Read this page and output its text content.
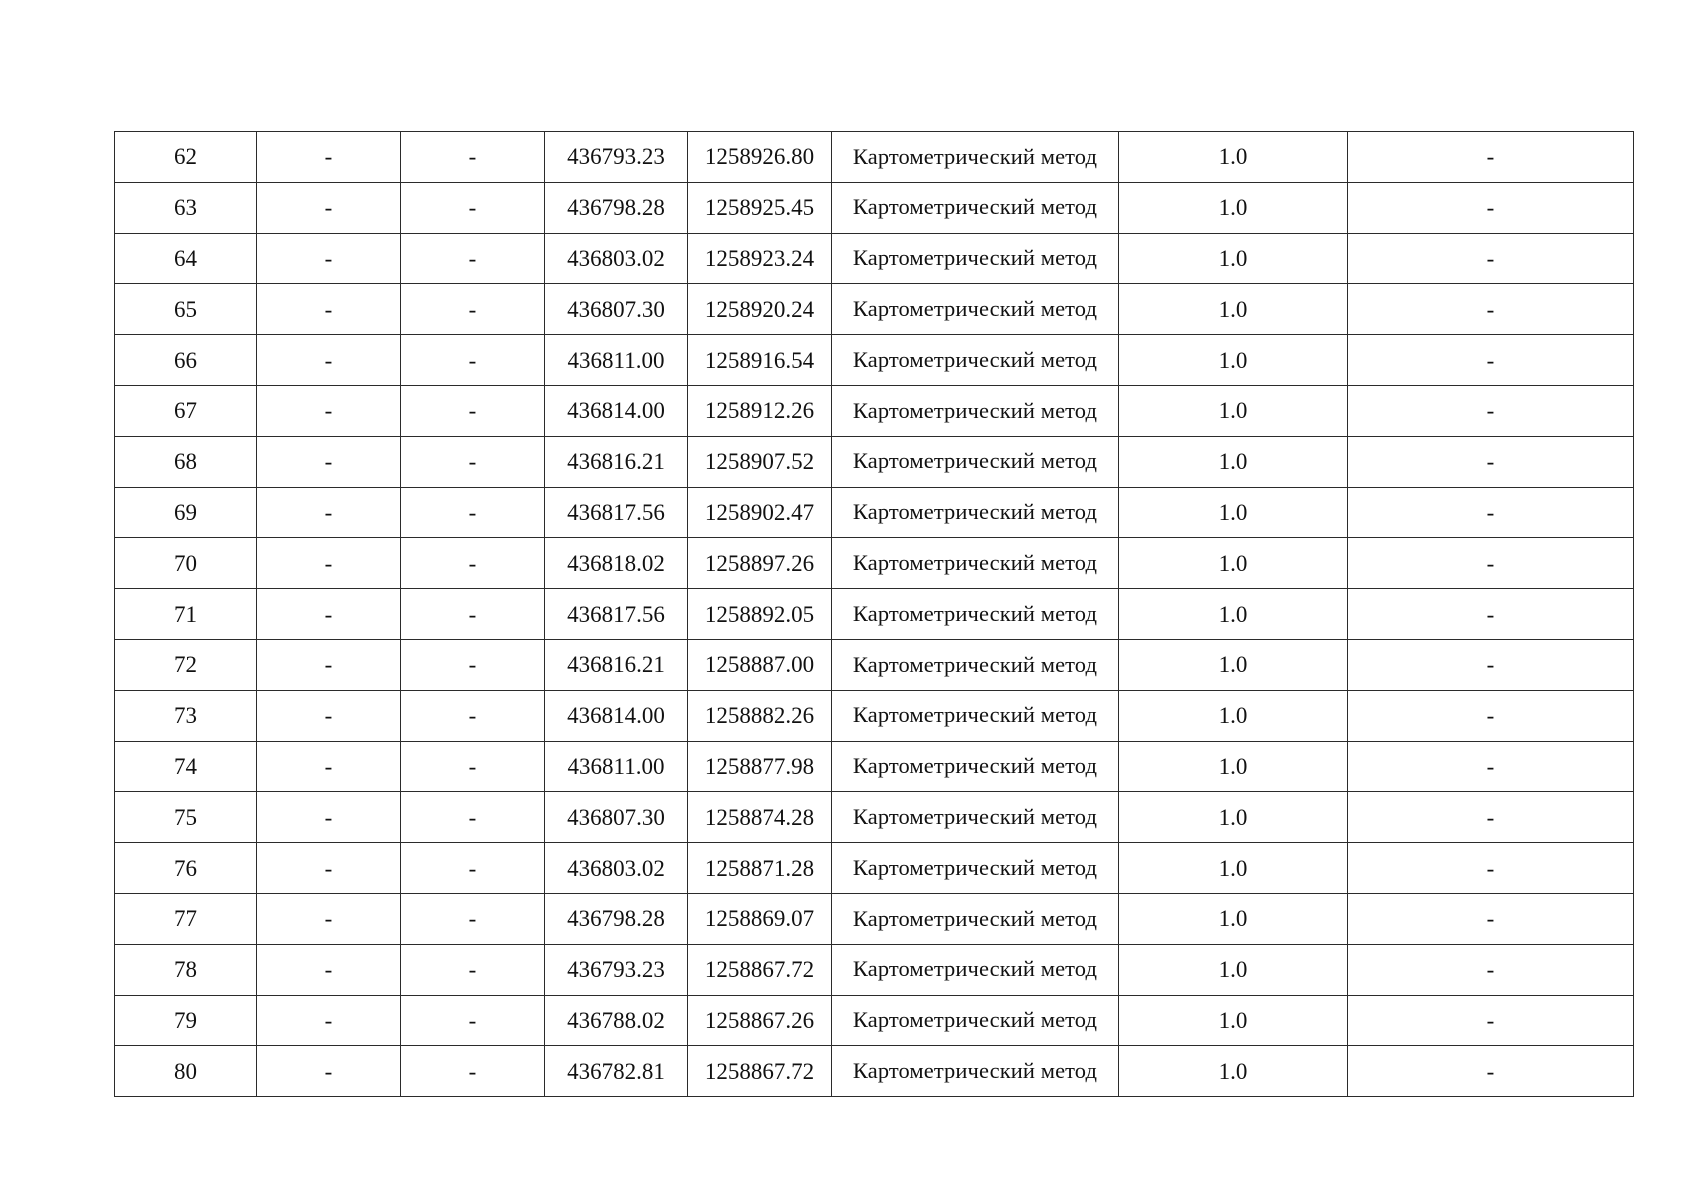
62	-	-	436793.23	1258926.80	Картометрический метод	1.0	-
63	-	-	436798.28	1258925.45	Картометрический метод	1.0	-
64	-	-	436803.02	1258923.24	Картометрический метод	1.0	-
65	-	-	436807.30	1258920.24	Картометрический метод	1.0	-
66	-	-	436811.00	1258916.54	Картометрический метод	1.0	-
67	-	-	436814.00	1258912.26	Картометрический метод	1.0	-
68	-	-	436816.21	1258907.52	Картометрический метод	1.0	-
69	-	-	436817.56	1258902.47	Картометрический метод	1.0	-
70	-	-	436818.02	1258897.26	Картометрический метод	1.0	-
71	-	-	436817.56	1258892.05	Картометрический метод	1.0	-
72	-	-	436816.21	1258887.00	Картометрический метод	1.0	-
73	-	-	436814.00	1258882.26	Картометрический метод	1.0	-
74	-	-	436811.00	1258877.98	Картометрический метод	1.0	-
75	-	-	436807.30	1258874.28	Картометрический метод	1.0	-
76	-	-	436803.02	1258871.28	Картометрический метод	1.0	-
77	-	-	436798.28	1258869.07	Картометрический метод	1.0	-
78	-	-	436793.23	1258867.72	Картометрический метод	1.0	-
79	-	-	436788.02	1258867.26	Картометрический метод	1.0	-
80	-	-	436782.81	1258867.72	Картометрический метод	1.0	-
